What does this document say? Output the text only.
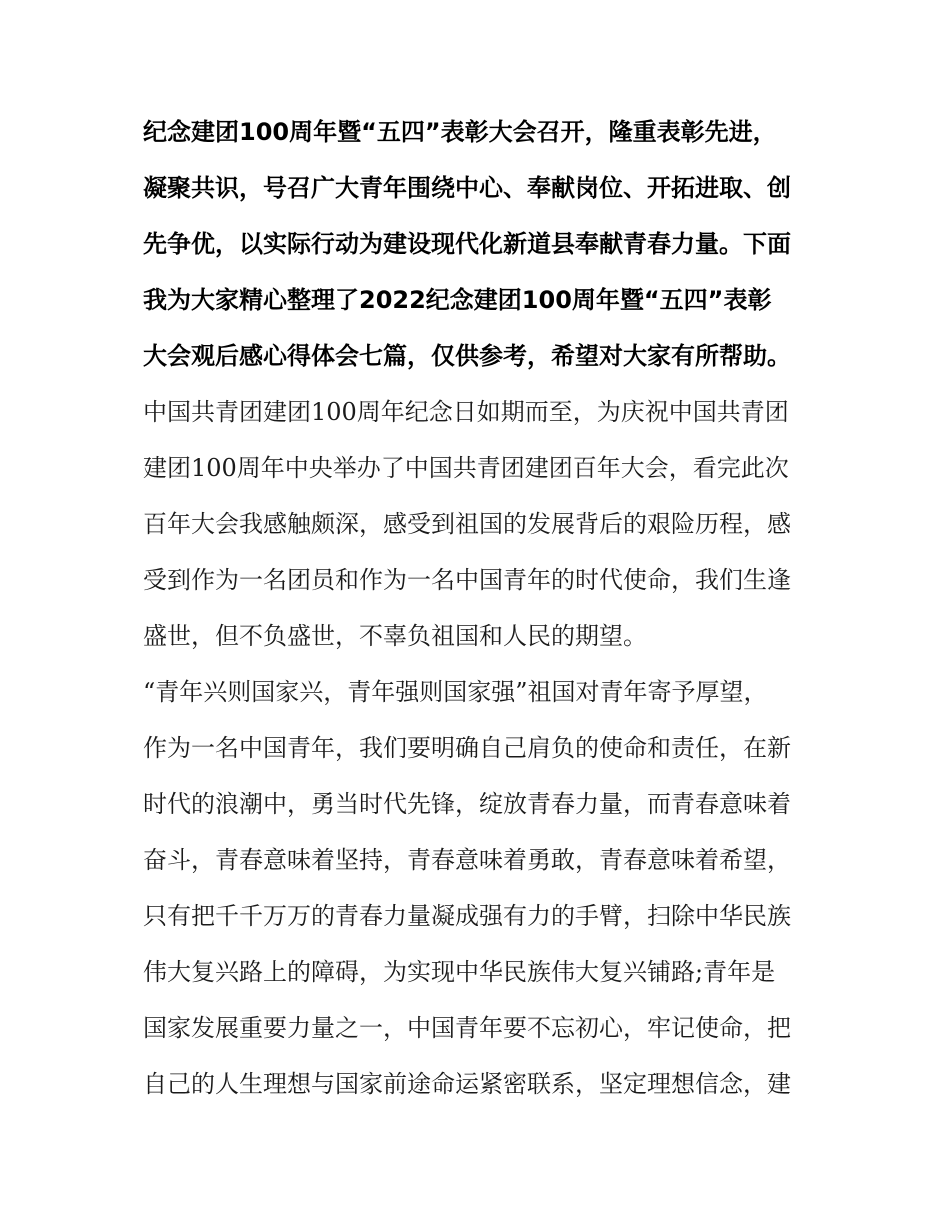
纪念建团100周年暨“五四”表彰大会召开，隆重表彰先进，
凝聚共识，号召广大青年围绕中心、奉献岗位、开拓进取、创
先争优，以实际行动为建设现代化新道县奉献青春力量。下面
我为大家精心整理了2022纪念建团100周年暨“五四”表彰
大会观后感心得体会七篇，仅供参考，希望对大家有所帮助。
中国共青团建团100周年纪念日如期而至，为庆祝中国共青团
建团100周年中央举办了中国共青团建团百年大会，看完此次
百年大会我感触颇深，感受到祖国的发展背后的艰险历程，感
受到作为一名团员和作为一名中国青年的时代使命，我们生逢
盛世，但不负盛世，不辜负祖国和人民的期望。
“青年兴则国家兴，青年强则国家强”祖国对青年寄予厚望，
作为一名中国青年，我们要明确自己肩负的使命和责任，在新
时代的浪潮中，勇当时代先锋，绽放青春力量，而青春意味着
奋斗，青春意味着坚持，青春意味着勇敢，青春意味着希望，
只有把千千万万的青春力量凝成强有力的手臂，扫除中华民族
伟大复兴路上的障碍，为实现中华民族伟大复兴铺路;青年是
国家发展重要力量之一，中国青年要不忘初心，牢记使命，把
自己的人生理想与国家前途命运紧密联系，坚定理想信念，建
